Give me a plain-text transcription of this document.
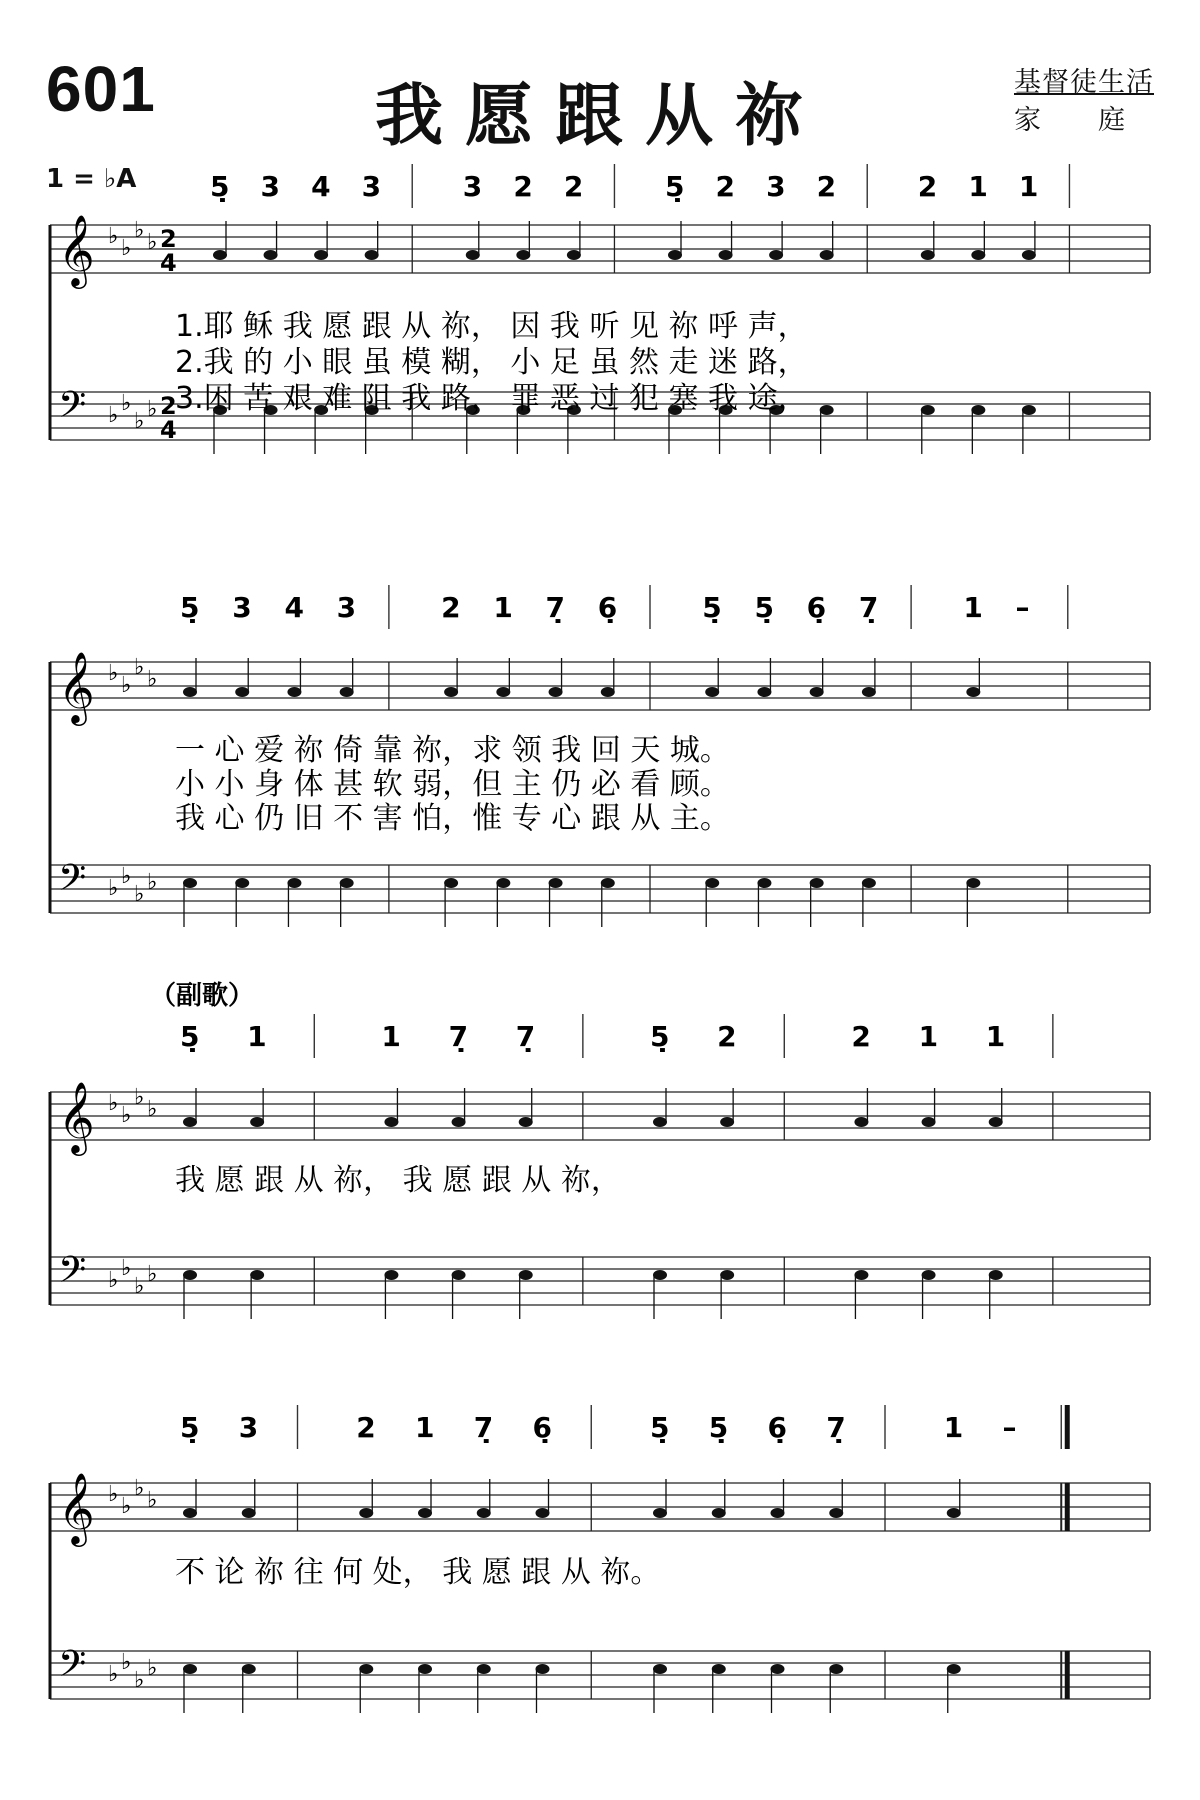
601	我愿跟从祢	基督徒生活
家　　庭
1 = ♭A
𝄞 ♭ ♭
♭ ♭ 2
4
𝄢 ♭ ♭
♭ ♭ 2
4
5̣ 3 4 3	3 2 2	5̣ 2 3 2	2 1 1
1.耶 稣 我 愿 跟 从 祢， 因 我 听 见 祢 呼 声，
2.我 的 小 眼 虽 模 糊， 小 足 虽 然 走 迷 路，
3.困 苦 艰 难 阻 我 路， 罪 恶 过 犯 塞 我 途，
𝄞 ♭ ♭
♭ ♭
𝄢 ♭ ♭
♭ ♭
5̣ 3 4 3	2 1 7̣ 6̣	5̣ 5̣ 6̣ 7̣	1 –
一 心 爱 祢 倚 靠 祢，求 领 我 回 天 城。
小 小 身 体 甚 软 弱，但 主 仍 必 看 顾。
我 心 仍 旧 不 害 怕，惟 专 心 跟 从 主。
𝄞 ♭ ♭
♭ ♭
𝄢 ♭ ♭
♭ ♭
（副歌）
5̣ 1	1 7̣ 7̣	5̣ 2	2 1 1
我 愿 跟 从 祢， 我 愿 跟 从 祢，
𝄞 ♭ ♭
♭ ♭
𝄢 ♭ ♭
♭ ♭
5̣ 3	2 1 7̣ 6̣	5̣ 5̣ 6̣ 7̣	1 –
不 论 祢 往 何 处， 我 愿 跟 从 祢。
